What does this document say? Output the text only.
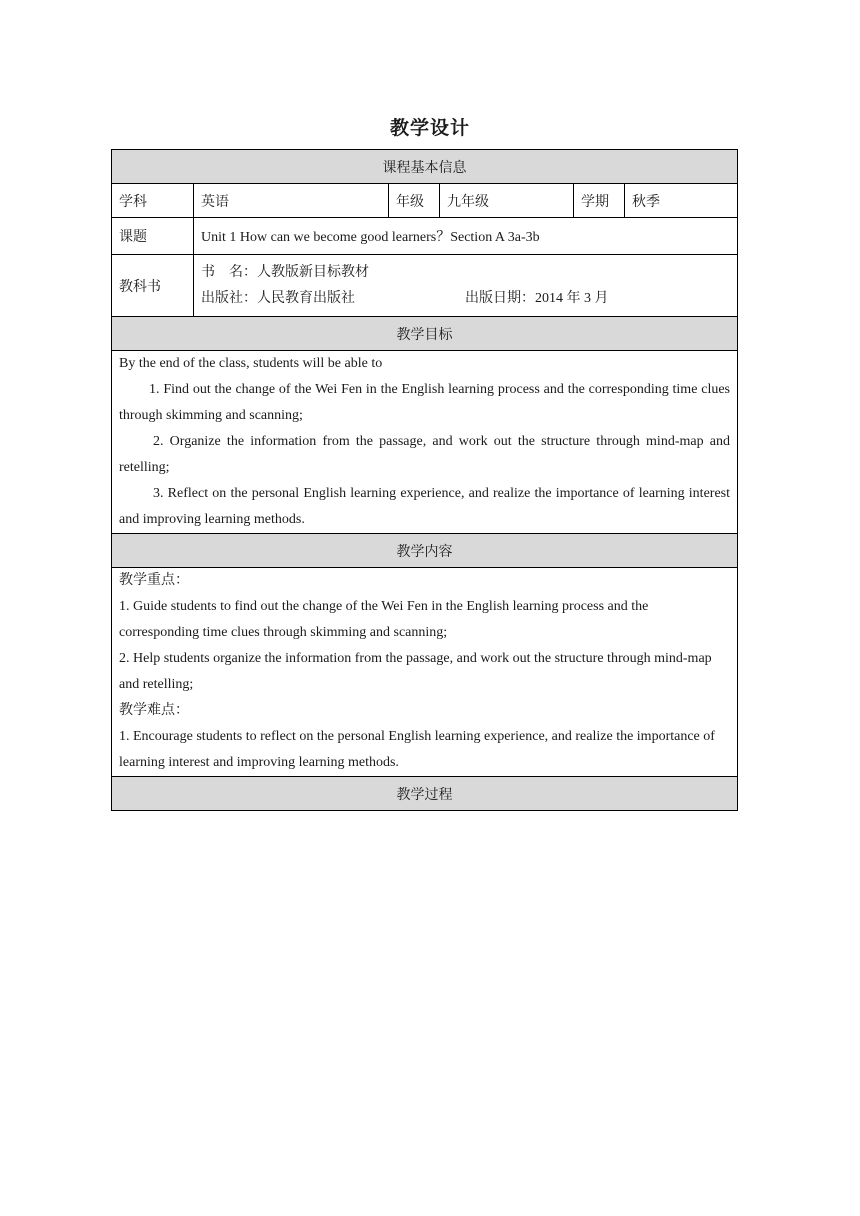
教学设计
课程基本信息					
学科	英语	年级	九年级	学期	秋季
课题	Unit 1 How can we become good learners？Section A 3a-3b				
教科书	书　名：人教版新目标教材
出版社：人民教育出版社 出版日期：2014 年 3 月				

教学目标					

By the end of the class, students will be able to

1. Find out the change of the Wei Fen in the English learning process and the corresponding time clues through skimming and scanning;

2. Organize the information from the passage, and work out the structure through mind-map and retelling;

3. Reflect on the personal English learning experience, and realize the importance of learning interest and improving learning methods.					

教学内容					

教学重点：

1. Guide students to find out the change of the Wei Fen in the English learning process and the corresponding time clues through skimming and scanning;

2. Help students organize the information from the passage, and work out the structure through mind-map and retelling;

教学难点：

1. Encourage students to reflect on the personal English learning experience, and realize the importance of learning interest and improving learning methods.					

教学过程					
